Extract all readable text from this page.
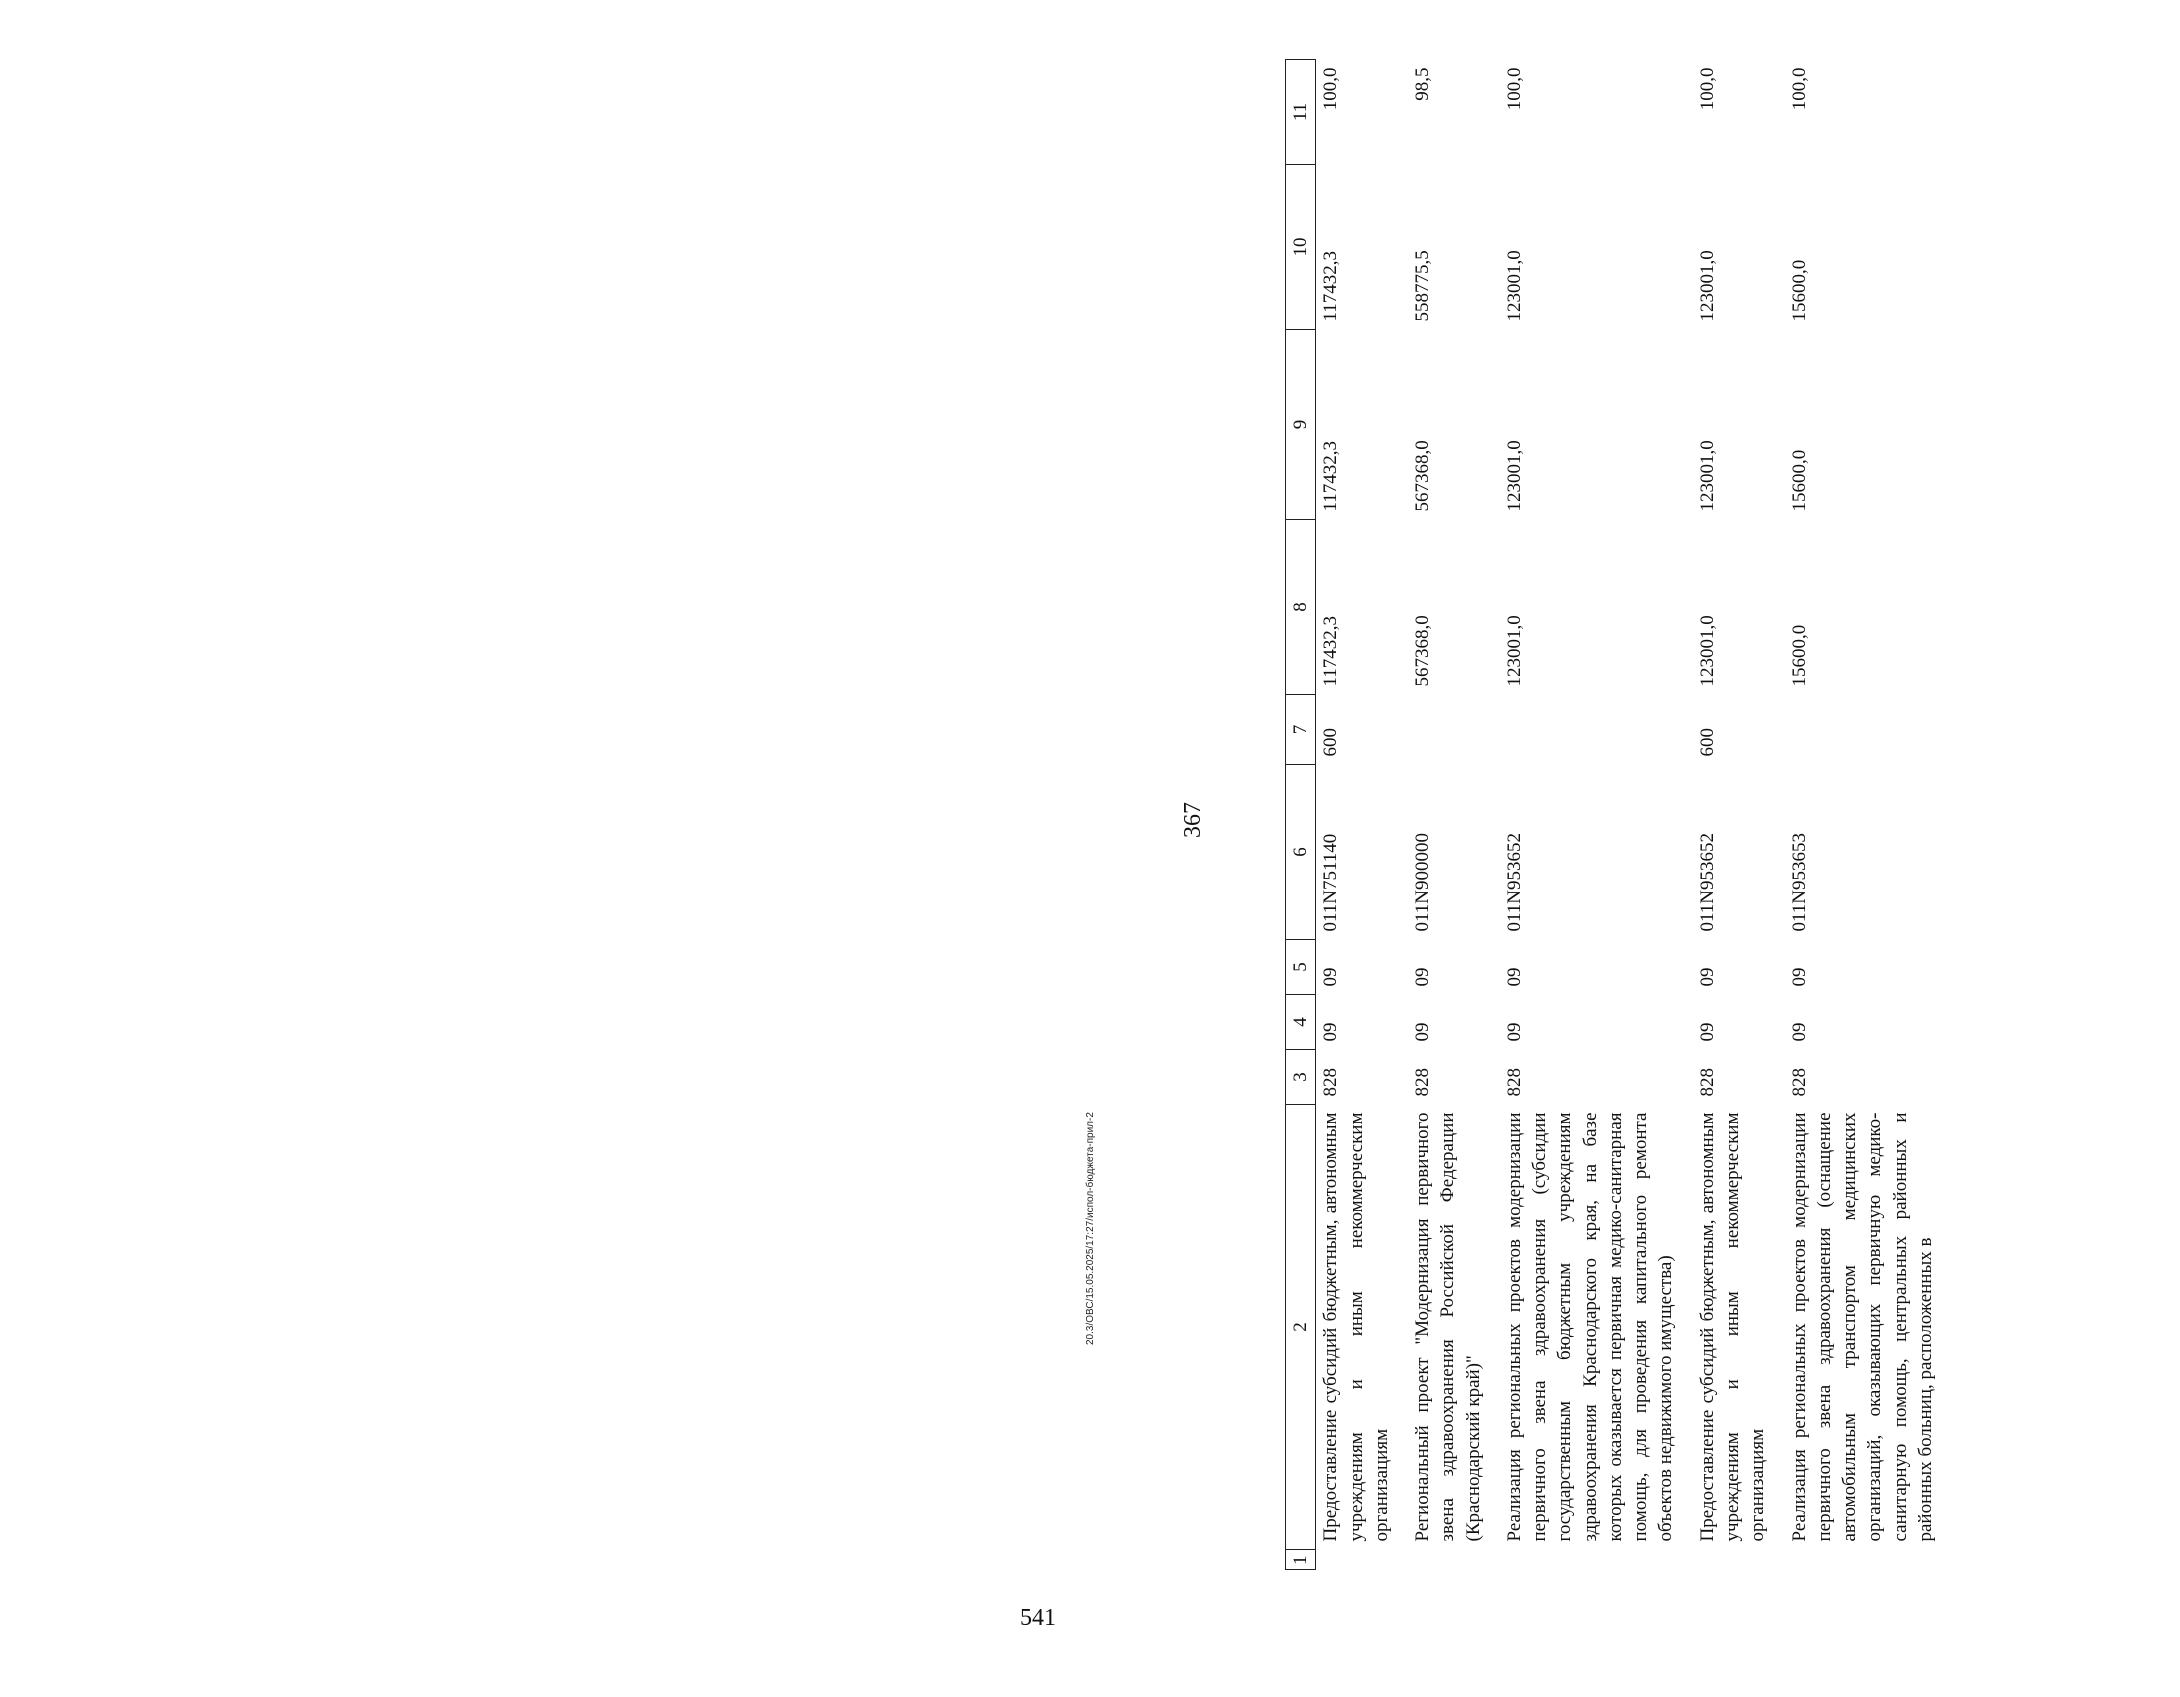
367
1	2	3	4	5	6	7	8	9	10	11
	Предоставление субсидий бюджетным, автономным учреждениям и иным некоммерческим организациям	828	09	09	011N751140	600	117432,3	117432,3	117432,3	100,0
	Региональный проект "Модернизация первичного звена здравоохранения Российской Федерации (Краснодарский край)"	828	09	09	011N900000		567368,0	567368,0	558775,5	98,5
	Реализация региональных проектов модернизации первичного звена здравоохранения (субсидии государственным бюджетным учреждениям здравоохранения Краснодарского края, на базе которых оказывается первичная медико-санитарная помощь, для проведения капитального ремонта объектов недвижимого имущества)	828	09	09	011N953652		123001,0	123001,0	123001,0	100,0
	Предоставление субсидий бюджетным, автономным учреждениям и иным некоммерческим организациям	828	09	09	011N953652	600	123001,0	123001,0	123001,0	100,0
	Реализация региональных проектов модернизации первичного звена здравоохранения (оснащение автомобильным транспортом медицинских организаций, оказывающих первичную медико-санитарную помощь, центральных районных и районных больниц, расположенных в	828	09	09	011N953653		15600,0	15600,0	15600,0	100,0
20.3/ОВС/15.05.2025/17:27/испол-бюджета-прил-2
541
